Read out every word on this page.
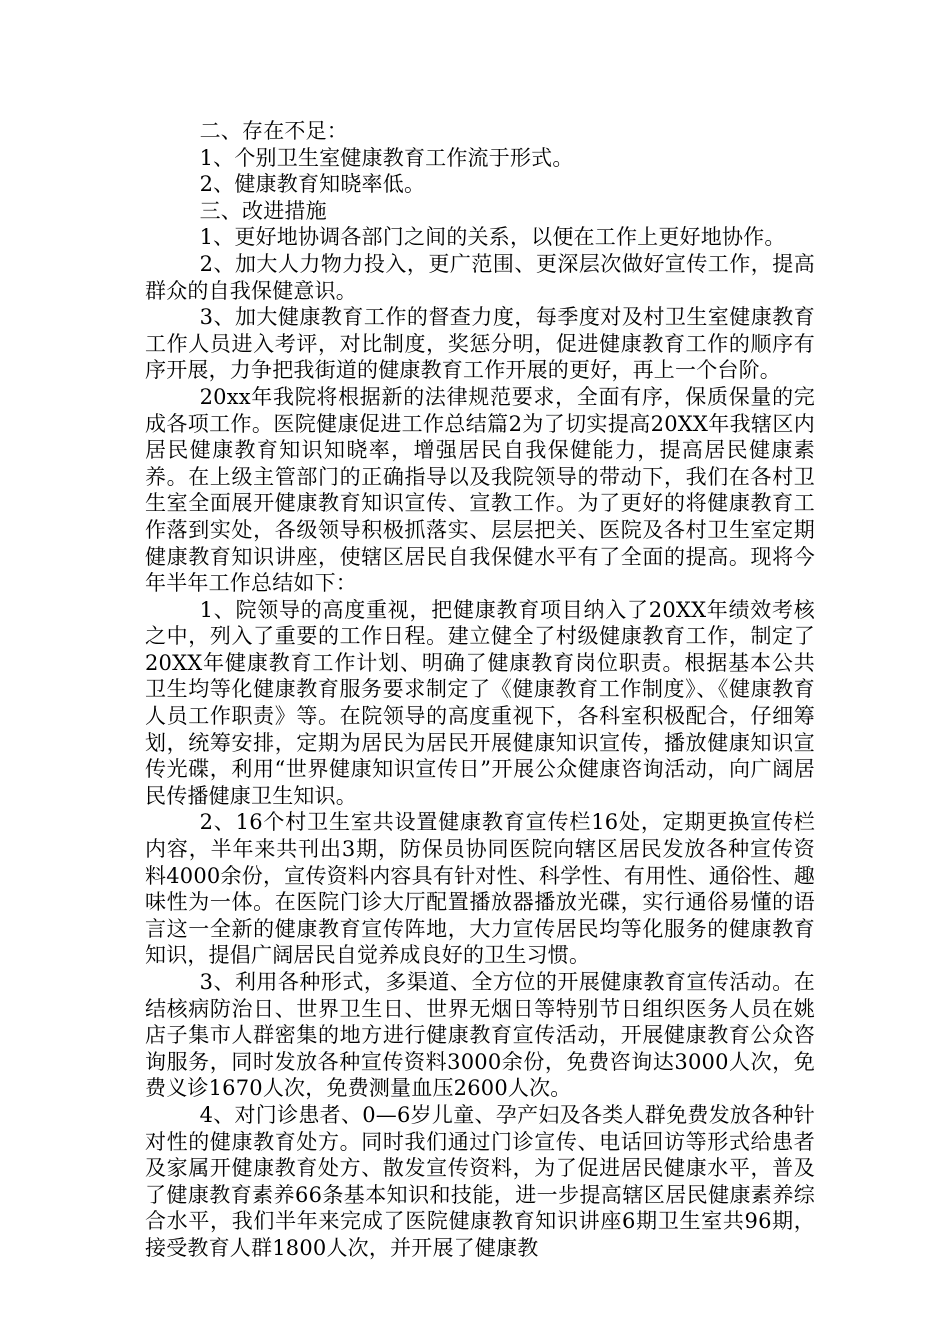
二、存在不足：

1、个别卫生室健康教育工作流于形式。

2、健康教育知晓率低。

三、改进措施

1、更好地协调各部门之间的关系，以便在工作上更好地协作。

2、加大人力物力投入，更广范围、更深层次做好宣传工作，提高群众的自我保健意识。

3、加大健康教育工作的督查力度，每季度对及村卫生室健康教育工作人员进入考评，对比制度，奖惩分明，促进健康教育工作的顺序有序开展，力争把我街道的健康教育工作开展的更好，再上一个台阶。

20xx年我院将根据新的法律规范要求，全面有序，保质保量的完成各项工作。医院健康促进工作总结篇2为了切实提高20XX年我辖区内居民健康教育知识知晓率，增强居民自我保健能力，提高居民健康素养。在上级主管部门的正确指导以及我院领导的带动下，我们在各村卫生室全面展开健康教育知识宣传、宣教工作。为了更好的将健康教育工作落到实处，各级领导积极抓落实、层层把关、医院及各村卫生室定期健康教育知识讲座，使辖区居民自我保健水平有了全面的提高。现将今年半年工作总结如下：

1、院领导的高度重视，把健康教育项目纳入了20XX年绩效考核之中，列入了重要的工作日程。建立健全了村级健康教育工作，制定了20XX年健康教育工作计划、明确了健康教育岗位职责。根据基本公共卫生均等化健康教育服务要求制定了《健康教育工作制度》、《健康教育人员工作职责》等。在院领导的高度重视下，各科室积极配合，仔细筹划，统筹安排，定期为居民为居民开展健康知识宣传，播放健康知识宣传光碟，利用“世界健康知识宣传日”开展公众健康咨询活动，向广阔居民传播健康卫生知识。

2、16个村卫生室共设置健康教育宣传栏16处，定期更换宣传栏内容，半年来共刊出3期，防保员协同医院向辖区居民发放各种宣传资料4000余份，宣传资料内容具有针对性、科学性、有用性、通俗性、趣味性为一体。在医院门诊大厅配置播放器播放光碟，实行通俗易懂的语言这一全新的健康教育宣传阵地，大力宣传居民均等化服务的健康教育知识，提倡广阔居民自觉养成良好的卫生习惯。

3、利用各种形式，多渠道、全方位的开展健康教育宣传活动。在结核病防治日、世界卫生日、世界无烟日等特别节日组织医务人员在姚店子集市人群密集的地方进行健康教育宣传活动，开展健康教育公众咨询服务，同时发放各种宣传资料3000余份，免费咨询达3000人次，免费义诊1670人次，免费测量血压2600人次。

4、对门诊患者、0—6岁儿童、孕产妇及各类人群免费发放各种针对性的健康教育处方。同时我们通过门诊宣传、电话回访等形式给患者及家属开健康教育处方、散发宣传资料，为了促进居民健康水平，普及了健康教育素养66条基本知识和技能，进一步提高辖区居民健康素养综合水平，我们半年来完成了医院健康教育知识讲座6期卫生室共96期，接受教育人群1800人次，并开展了健康教
